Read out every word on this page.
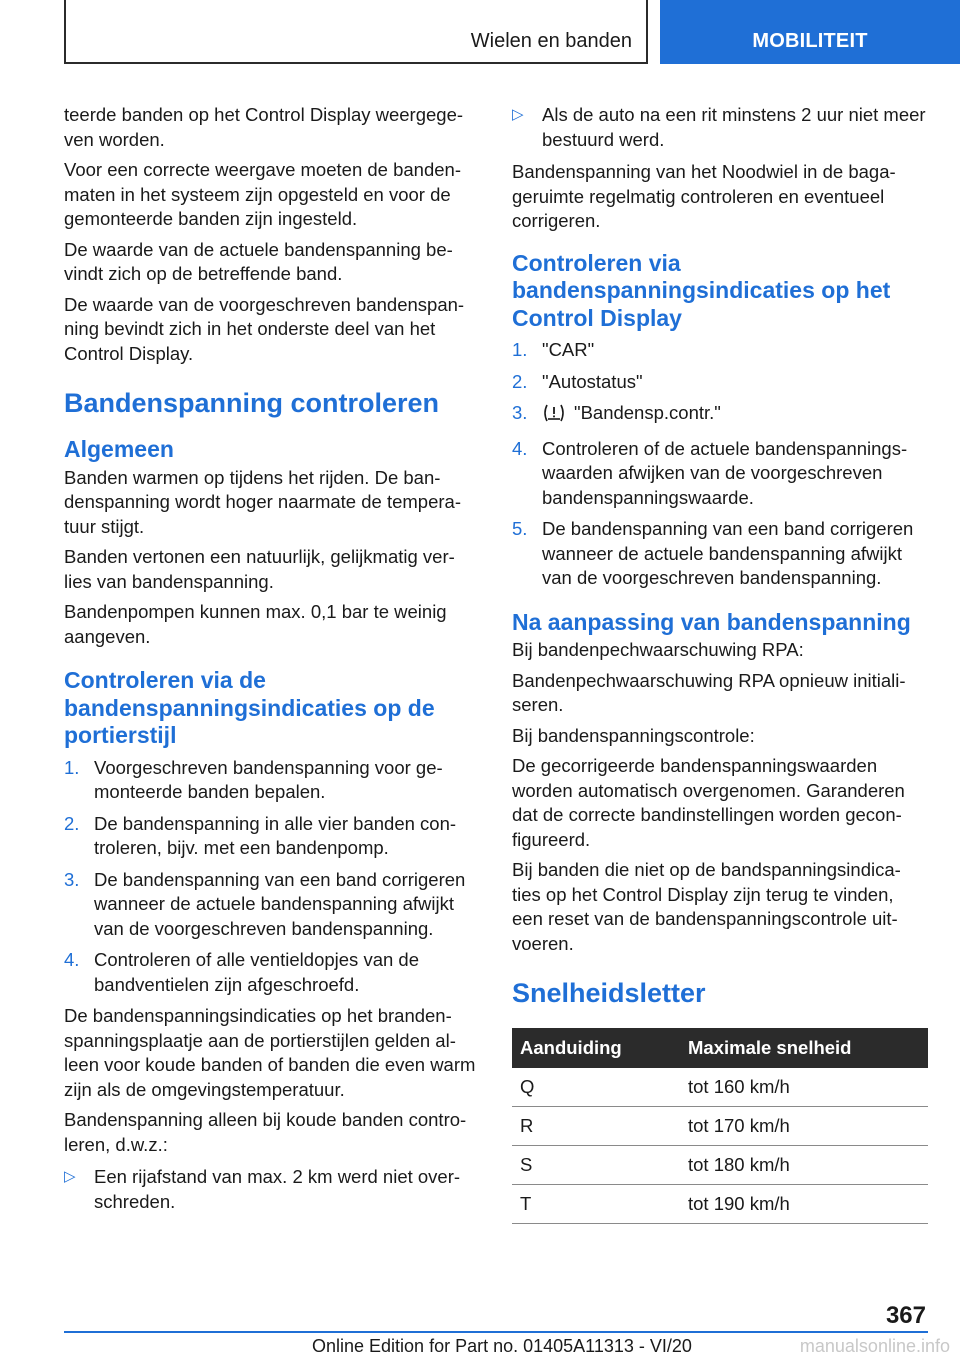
Wielen en banden	MOBILITEIT

teerde banden op het Control Display weergege-ven worden.

Voor een correcte weergave moeten de banden-maten in het systeem zijn opgesteld en voor de gemonteerde banden zijn ingesteld.

De waarde van de actuele bandenspanning be-vindt zich op de betreffende band.

De waarde van de voorgeschreven bandenspan-ning bevindt zich in het onderste deel van het Control Display.

Bandenspanning controleren
Algemeen

Banden warmen op tijdens het rijden. De ban-denspanning wordt hoger naarmate de tempera-tuur stijgt.

Banden vertonen een natuurlijk, gelijkmatig ver-lies van bandenspanning.

Bandenpompen kunnen max. 0,1 bar te weinig aangeven.

Controleren via de bandenspanningsindicaties op de portierstijl
1. Voorgeschreven bandenspanning voor ge-monteerde banden bepalen.
2. De bandenspanning in alle vier banden con-troleren, bijv. met een bandenpomp.
3. De bandenspanning van een band corrigeren wanneer de actuele bandenspanning afwijkt van de voorgeschreven bandenspanning.
4. Controleren of alle ventieldopjes van de bandventielen zijn afgeschroefd.

De bandenspanningsindicaties op het branden-spanningsplaatje aan de portierstijlen gelden al-leen voor koude banden of banden die even warm zijn als de omgevingstemperatuur.

Bandenspanning alleen bij koude banden contro-leren, d.w.z.:

▷ Een rijafstand van max. 2 km werd niet over-schreden.
▷ Als de auto na een rit minstens 2 uur niet meer bestuurd werd.

Bandenspanning van het Noodwiel in de baga-geruimte regelmatig controleren en eventueel corrigeren.

Controleren via bandenspanningsindicaties op het Control Display
1. "CAR"
2. "Autostatus"
3.	"Bandensp.contr."
4. Controleren of de actuele bandenspannings-waarden afwijken van de voorgeschreven bandenspanningswaarde.
5. De bandenspanning van een band corrigeren wanneer de actuele bandenspanning afwijkt van de voorgeschreven bandenspanning.
Na aanpassing van bandenspanning

Bij bandenpechwaarschuwing RPA:

Bandenpechwaarschuwing RPA opnieuw initiali-seren.

Bij bandenspanningscontrole:

De gecorrigeerde bandenspanningswaarden worden automatisch overgenomen. Garanderen dat de correcte bandinstellingen worden gecon-figureerd.

Bij banden die niet op de bandspanningsindica-ties op het Control Display zijn terug te vinden, een reset van de bandenspanningscontrole uit-voeren.

Snelheidsletter
Aanduiding	Maximale snelheid
Q	tot 160 km/h
R	tot 170 km/h
S	tot 180 km/h
T	tot 190 km/h
367
Online Edition for Part no. 01405A11313 - VI/20	manualsonline.info
